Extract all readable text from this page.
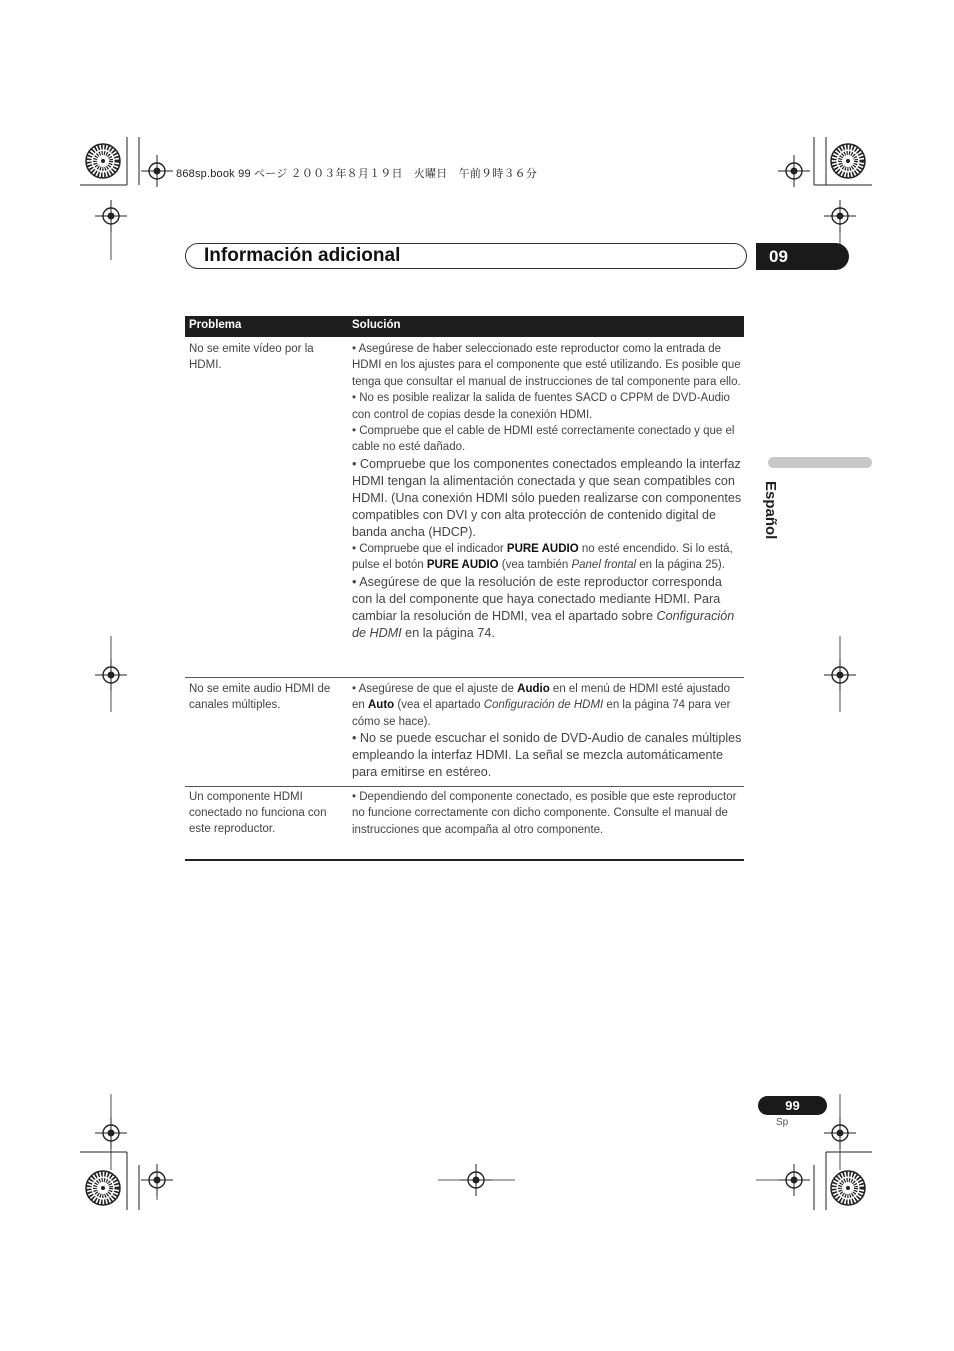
868sp.book 99 ページ ２００３年８月１９日　火曜日　午前９時３６分
Información adicional	09
Español
Problema	Solución
No se emite vídeo por la HDMI.

• Asegúrese de haber seleccionado este reproductor como la entrada de HDMI en los ajustes para el componente que esté utilizando. Es posible que tenga que consultar el manual de instrucciones de tal componente para ello.

• No es posible realizar la salida de fuentes SACD o CPPM de DVD-Audio con control de copias desde la conexión HDMI.

• Compruebe que el cable de HDMI esté correctamente conectado y que el cable no esté dañado.

• Compruebe que los componentes conectados empleando la interfaz HDMI tengan la alimentación conectada y que sean compatibles con HDMI. (Una conexión HDMI sólo pueden realizarse con componentes compatibles con DVI y con alta protección de contenido digital de banda ancha (HDCP).

• Compruebe que el indicador PURE AUDIO no esté encendido. Si lo está, pulse el botón PURE AUDIO (vea también Panel frontal en la página 25).

• Asegúrese de que la resolución de este reproductor corresponda con la del componente que haya conectado mediante HDMI. Para cambiar la resolución de HDMI, vea el apartado sobre Configuración de HDMI en la página 74.

No se emite audio HDMI de canales múltiples.

• Asegúrese de que el ajuste de Audio en el menú de HDMI esté ajustado en Auto (vea el apartado Configuración de HDMI en la página 74 para ver cómo se hace).

• No se puede escuchar el sonido de DVD-Audio de canales múltiples empleando la interfaz HDMI. La señal se mezcla automáticamente para emitirse en estéreo.

Un componente HDMI conectado no funciona con este reproductor.

• Dependiendo del componente conectado, es posible que este reproductor no funcione correctamente con dicho componente. Consulte el manual de instrucciones que acompaña al otro componente.

99
Sp
